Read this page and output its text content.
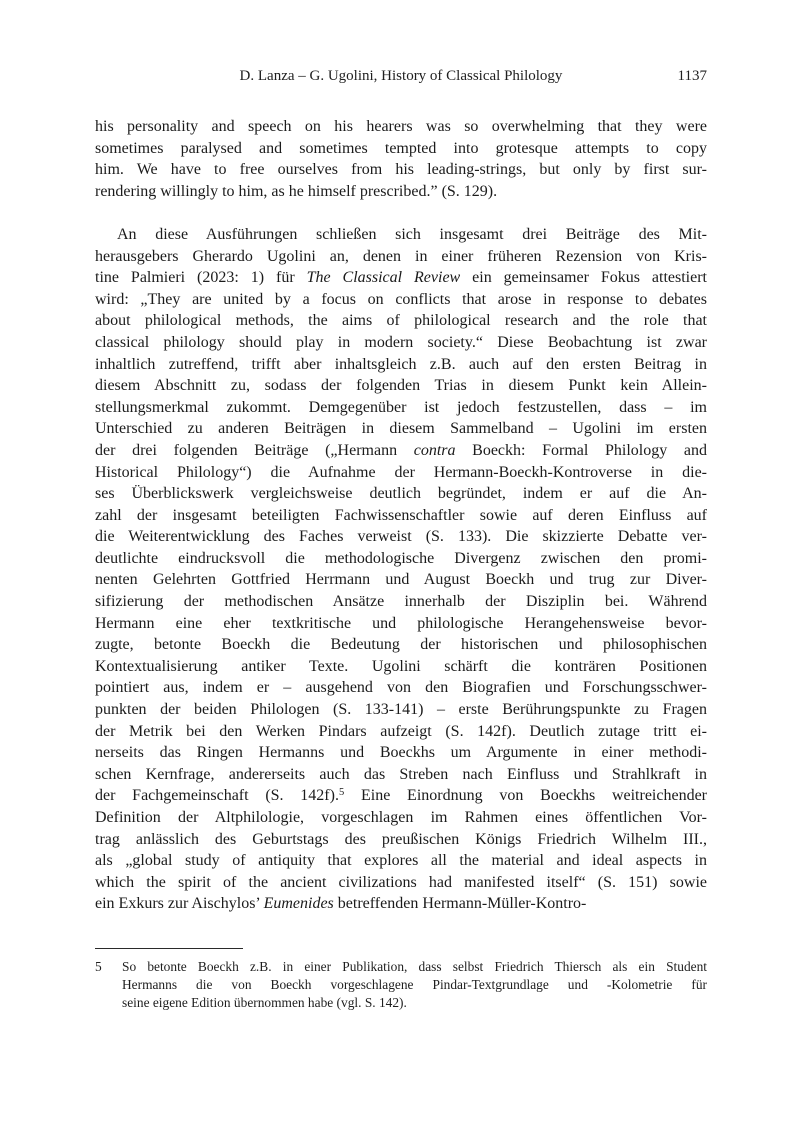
D. Lanza – G. Ugolini, History of Classical Philology	1137
his personality and speech on his hearers was so overwhelming that they were
sometimes paralysed and sometimes tempted into grotesque attempts to copy
him. We have to free ourselves from his leading-strings, but only by first sur-
rendering willingly to him, as he himself prescribed.” (S. 129).
An diese Ausführungen schließen sich insgesamt drei Beiträge des Mit-
herausgebers Gherardo Ugolini an, denen in einer früheren Rezension von Kris-
tine Palmieri (2023: 1) für The Classical Review ein gemeinsamer Fokus attestiert
wird: „They are united by a focus on conflicts that arose in response to debates
about philological methods, the aims of philological research and the role that
classical philology should play in modern society.“ Diese Beobachtung ist zwar
inhaltlich zutreffend, trifft aber inhaltsgleich z.B. auch auf den ersten Beitrag in
diesem Abschnitt zu, sodass der folgenden Trias in diesem Punkt kein Allein-
stellungsmerkmal zukommt. Demgegenüber ist jedoch festzustellen, dass – im
Unterschied zu anderen Beiträgen in diesem Sammelband – Ugolini im ersten
der drei folgenden Beiträge („Hermann contra Boeckh: Formal Philology and
Historical Philology“) die Aufnahme der Hermann-Boeckh-Kontroverse in die-
ses Überblickswerk vergleichsweise deutlich begründet, indem er auf die An-
zahl der insgesamt beteiligten Fachwissenschaftler sowie auf deren Einfluss auf
die Weiterentwicklung des Faches verweist (S. 133). Die skizzierte Debatte ver-
deutlichte eindrucksvoll die methodologische Divergenz zwischen den promi-
nenten Gelehrten Gottfried Herrmann und August Boeckh und trug zur Diver-
sifizierung der methodischen Ansätze innerhalb der Disziplin bei. Während
Hermann eine eher textkritische und philologische Herangehensweise bevor-
zugte, betonte Boeckh die Bedeutung der historischen und philosophischen
Kontextualisierung antiker Texte. Ugolini schärft die konträren Positionen
pointiert aus, indem er – ausgehend von den Biografien und Forschungsschwer-
punkten der beiden Philologen (S. 133-141) – erste Berührungspunkte zu Fragen
der Metrik bei den Werken Pindars aufzeigt (S. 142f). Deutlich zutage tritt ei-
nerseits das Ringen Hermanns und Boeckhs um Argumente in einer methodi-
schen Kernfrage, andererseits auch das Streben nach Einfluss und Strahlkraft in
der Fachgemeinschaft (S. 142f).$^5$ Eine Einordnung von Boeckhs weitreichender
Definition der Altphilologie, vorgeschlagen im Rahmen eines öffentlichen Vor-
trag anlässlich des Geburtstags des preußischen Königs Friedrich Wilhelm III.,
als „global study of antiquity that explores all the material and ideal aspects in
which the spirit of the ancient civilizations had manifested itself“ (S. 151) sowie
ein Exkurs zur Aischylos’ Eumenides betreffenden Hermann-Müller-Kontro-
5	So betonte Boeckh z.B. in einer Publikation, dass selbst Friedrich Thiersch als ein Student
Hermanns die von Boeckh vorgeschlagene Pindar-Textgrundlage und -Kolometrie für
seine eigene Edition übernommen habe (vgl. S. 142).
